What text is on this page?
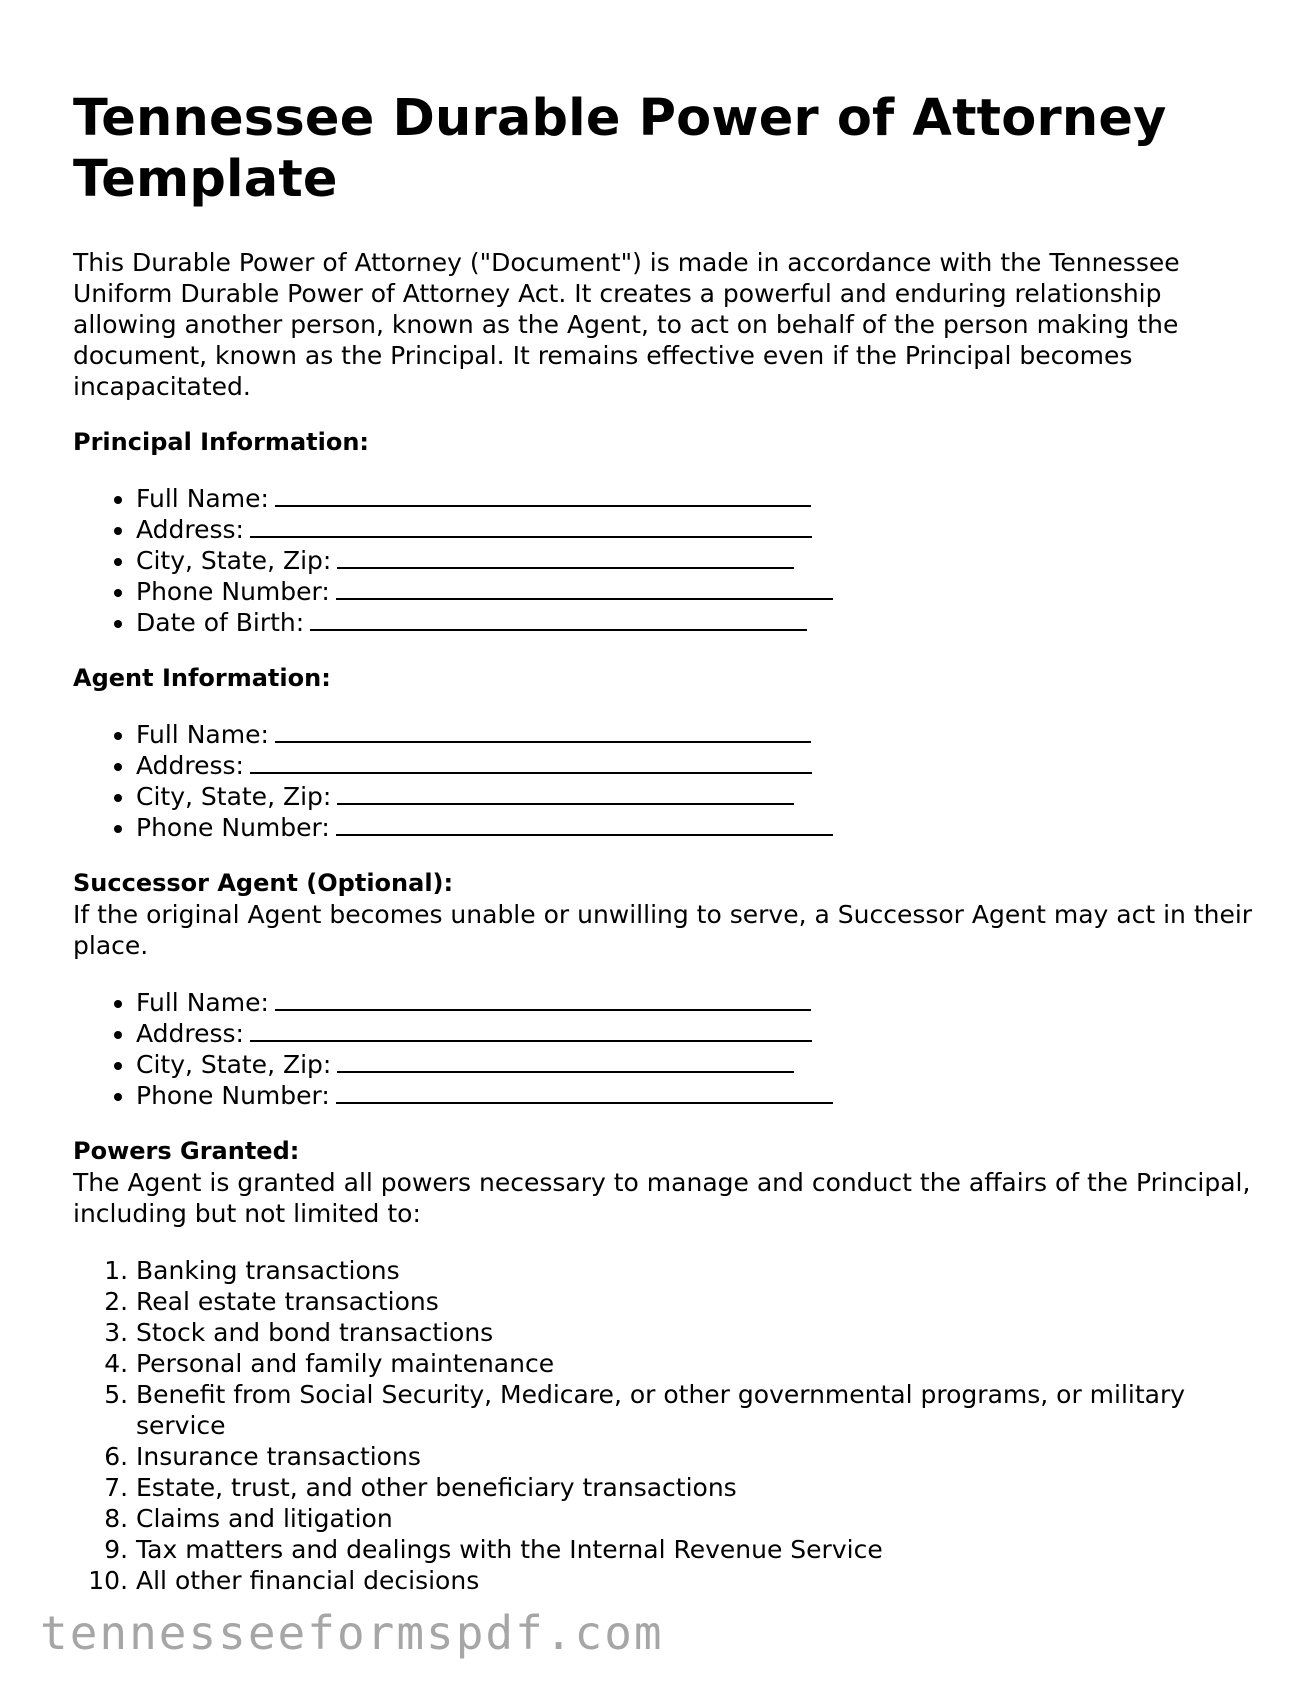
Tennessee Durable Power of Attorney Template

This Durable Power of Attorney ("Document") is made in accordance with the Tennessee Uniform Durable Power of Attorney Act. It creates a powerful and enduring relationship allowing another person, known as the Agent, to act on behalf of the person making the document, known as the Principal. It remains effective even if the Principal becomes incapacitated.

Principal Information:

• Full Name:
• Address:
• City, State, Zip:
• Phone Number:
• Date of Birth:

Agent Information:

• Full Name:
• Address:
• City, State, Zip:
• Phone Number:

Successor Agent (Optional):

If the original Agent becomes unable or unwilling to serve, a Successor Agent may act in their place.

• Full Name:
• Address:
• City, State, Zip:
• Phone Number:

Powers Granted:

The Agent is granted all powers necessary to manage and conduct the affairs of the Principal, including but not limited to:

1. Banking transactions
2. Real estate transactions
3. Stock and bond transactions
4. Personal and family maintenance
5. Benefit from Social Security, Medicare, or other governmental programs, or military service
6. Insurance transactions
7. Estate, trust, and other beneficiary transactions
8. Claims and litigation
9. Tax matters and dealings with the Internal Revenue Service
10. All other financial decisions
tennesseeformspdf.com
